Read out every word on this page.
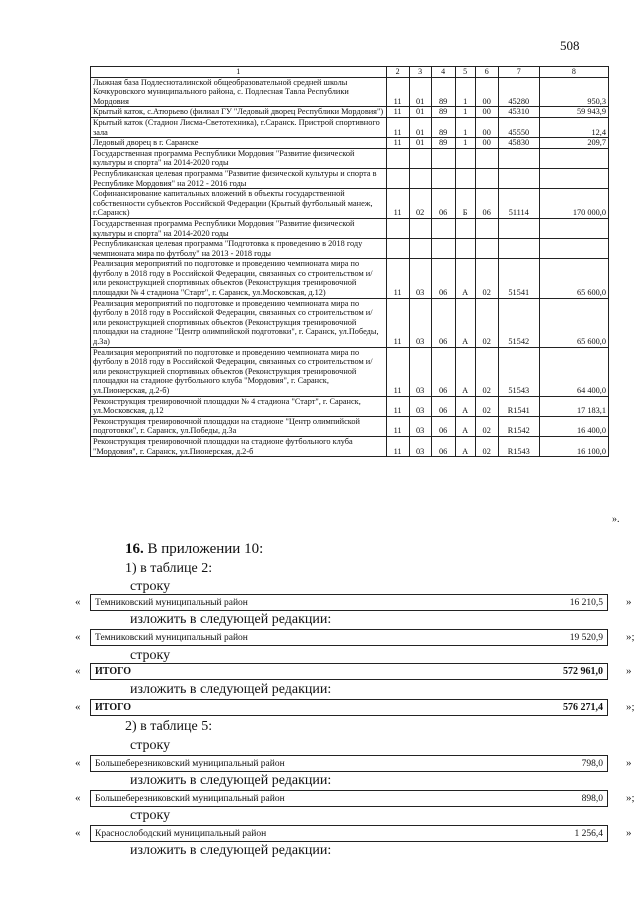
508
1	2	3	4	5	6	7	8
Лыжная база Подлесноталинской общеобразовательной средней школы Кочкуровского муниципального района, с. Подлесная Тавла Республики Мордовия	11	01	89	1	00	45280	950,3
Крытый каток, с.Атюрьево (филиал ГУ "Ледовый дворец Республики Мордовия")	11	01	89	1	00	45310	59 943,9
Крытый каток (Стадион Лисма-Светотехника), г.Саранск. Пристрой спортивного зала	11	01	89	1	00	45550	12,4
Ледовый дворец в г. Саранске	11	01	89	1	00	45830	209,7
Государственная программа Республики Мордовия "Развитие физической культуры и спорта" на 2014-2020 годы							
Республиканская целевая программа "Развитие физической культуры и спорта в Республике Мордовия" на 2012 - 2016 годы							
Софинансирование капитальных вложений в объекты государственной собственности субъектов Российской Федерации (Крытый футбольный манеж, г.Саранск)	11	02	06	Б	06	51114	170 000,0
Государственная программа Республики Мордовия "Развитие физической культуры и спорта" на 2014-2020 годы							
Республиканская целевая программа "Подготовка к проведению в 2018 году чемпионата мира по футболу" на 2013 - 2018 годы							
Реализация мероприятий по подготовке и проведению чемпионата мира по футболу в 2018 году в Российской Федерации, связанных со строительством и/или реконструкцией спортивных объектов (Реконструкция тренировочной площадки № 4 стадиона "Старт", г. Саранск, ул.Московская, д.12)	11	03	06	А	02	51541	65 600,0
Реализация мероприятий по подготовке и проведению чемпионата мира по футболу в 2018 году в Российской Федерации, связанных со строительством и/или реконструкцией спортивных объектов (Реконструкция тренировочной площадки на стадионе "Центр олимпийской подготовки", г. Саранск, ул.Победы, д.3а)	11	03	06	А	02	51542	65 600,0
Реализация мероприятий по подготовке и проведению чемпионата мира по футболу в 2018 году в Российской Федерации, связанных со строительством и/или реконструкцией спортивных объектов (Реконструкция тренировочной площадки на стадионе футбольного клуба "Мордовия", г. Саранск, ул.Пионерская, д.2-б)	11	03	06	А	02	51543	64 400,0
Реконструкция тренировочной площадки № 4 стадиона "Старт", г. Саранск, ул.Московская, д.12	11	03	06	А	02	R1541	17 183,1
Реконструкция тренировочной площадки на стадионе "Центр олимпийской подготовки", г. Саранск, ул.Победы, д.3а	11	03	06	А	02	R1542	16 400,0
Реконструкция тренировочной площадки на стадионе футбольного клуба "Мордовия", г. Саранск, ул.Пионерская, д.2-б	11	03	06	А	02	R1543	16 100,0
».
16. В приложении 10:
1) в таблице 2:
строку
«	Темниковский муниципальный район	16 210,5	»
изложить в следующей редакции:
«	Темниковский муниципальный район	19 520,9	»;
строку
«	ИТОГО	572 961,0	»
изложить в следующей редакции:
«	ИТОГО	576 271,4	»;
2) в таблице 5:
строку
«	Большеберезниковский муниципальный район	798,0	»
изложить в следующей редакции:
«	Большеберезниковский муниципальный район	898,0	»;
строку
«	Краснослободский муниципальный район	1 256,4	»
изложить в следующей редакции:
